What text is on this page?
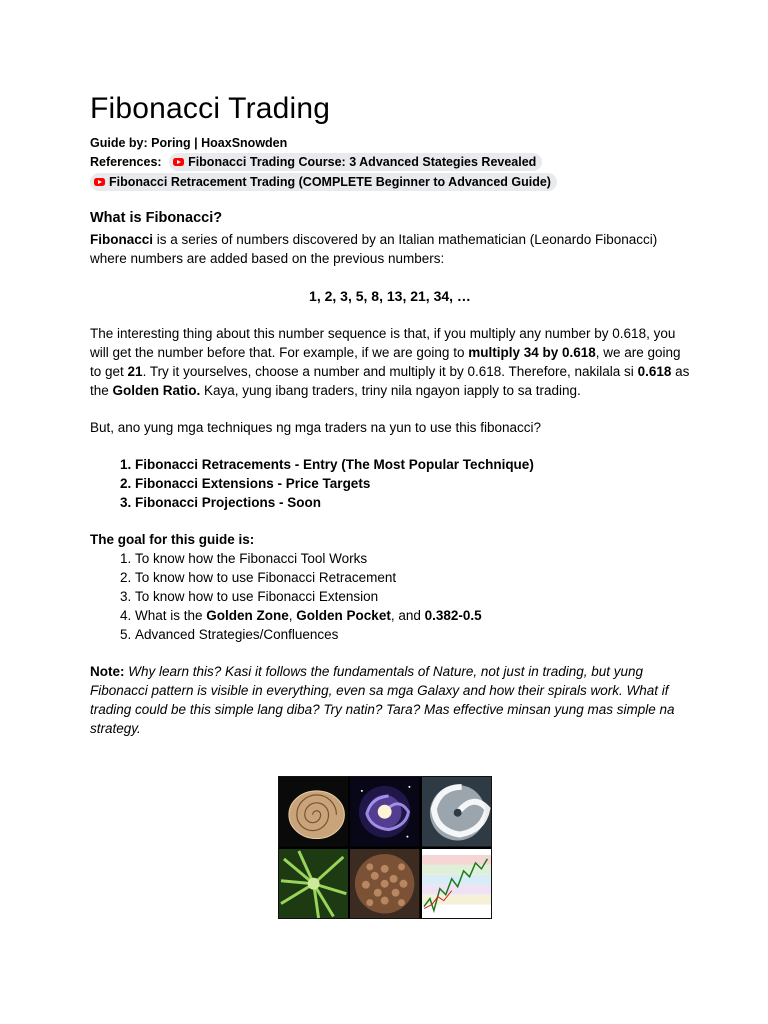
Fibonacci Trading
Guide by: Poring | HoaxSnowden
References: Fibonacci Trading Course: 3 Advanced Stategies Revealed
Fibonacci Retracement Trading (COMPLETE Beginner to Advanced Guide)
What is Fibonacci?

Fibonacci is a series of numbers discovered by an Italian mathematician (Leonardo Fibonacci) where numbers are added based on the previous numbers:

1, 2, 3, 5, 8, 13, 21, 34, …

The interesting thing about this number sequence is that, if you multiply any number by 0.618, you will get the number before that. For example, if we are going to multiply 34 by 0.618, we are going to get 21. Try it yourselves, choose a number and multiply it by 0.618. Therefore, nakilala si 0.618 as the Golden Ratio. Kaya, yung ibang traders, triny nila ngayon iapply to sa trading.

But, ano yung mga techniques ng mga traders na yun to use this fibonacci?

1. Fibonacci Retracements - Entry (The Most Popular Technique)
2. Fibonacci Extensions - Price Targets
3. Fibonacci Projections - Soon

The goal for this guide is:

1. To know how the Fibonacci Tool Works
2. To know how to use Fibonacci Retracement
3. To know how to use Fibonacci Extension
4. What is the Golden Zone, Golden Pocket, and 0.382-0.5
5. Advanced Strategies/Confluences

Note: Why learn this? Kasi it follows the fundamentals of Nature, not just in trading, but yung Fibonacci pattern is visible in everything, even sa mga Galaxy and how their spirals work. What if trading could be this simple lang diba? Try natin? Tara? Mas effective minsan yung mas simple na strategy.
